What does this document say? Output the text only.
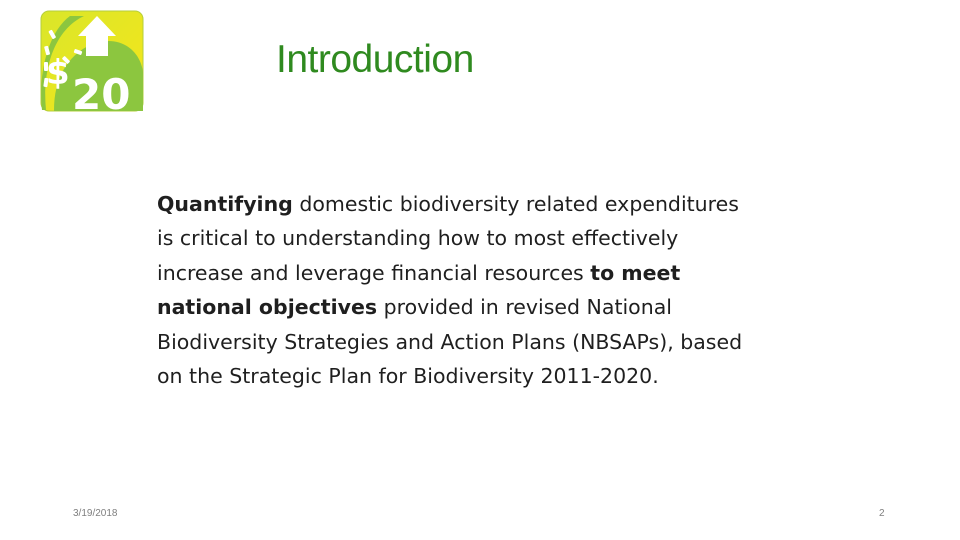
$ 20
Introduction
Quantifying domestic biodiversity related expenditures
is critical to understanding how to most effectively
increase and leverage financial resources to meet
national objectives provided in revised National
Biodiversity Strategies and Action Plans (NBSAPs), based
on the Strategic Plan for Biodiversity 2011-2020.
3/19/2018	2
